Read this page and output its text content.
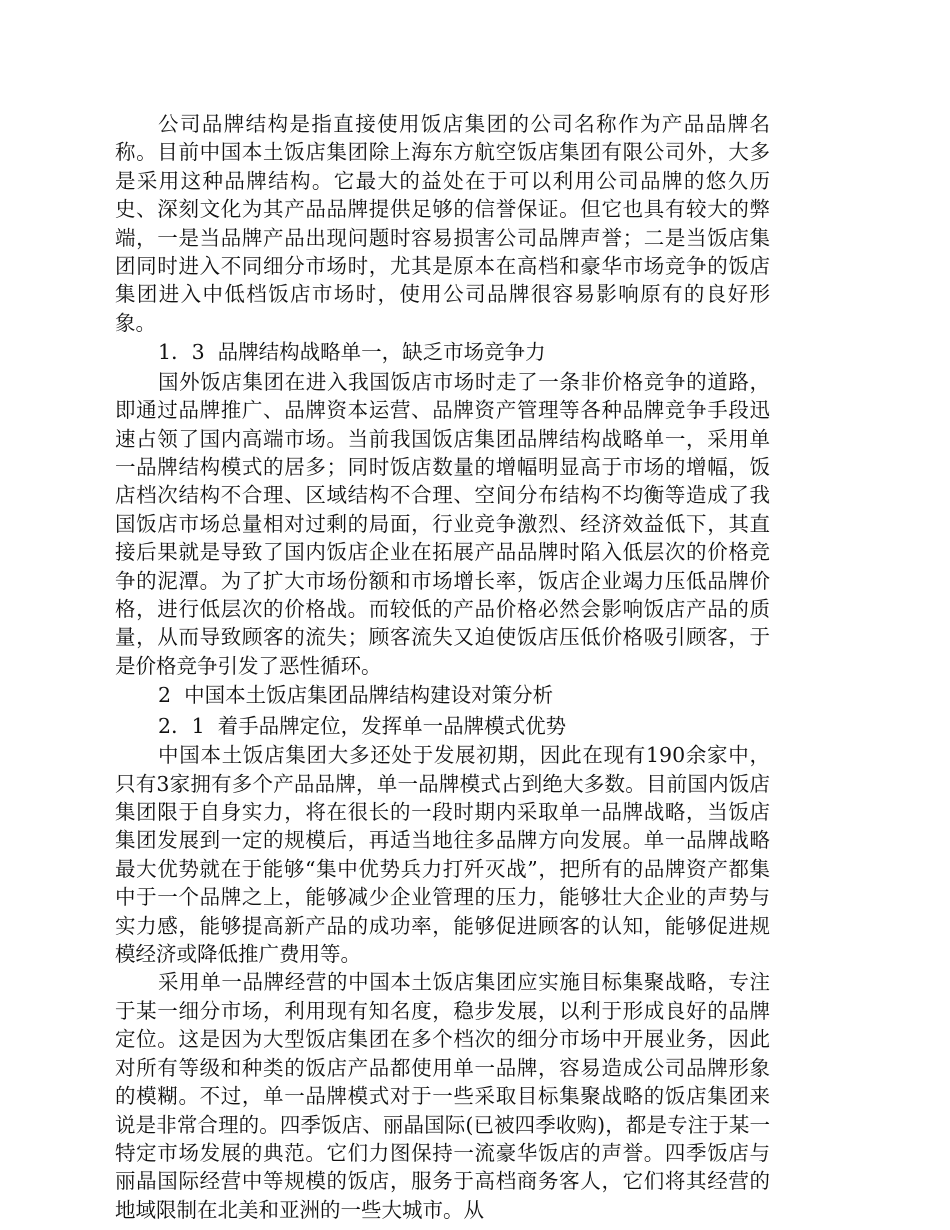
公司品牌结构是指直接使用饭店集团的公司名称作为产品品牌名称。目前中国本土饭店集团除上海东方航空饭店集团有限公司外，大多是采用这种品牌结构。它最大的益处在于可以利用公司品牌的悠久历史、深刻文化为其产品品牌提供足够的信誉保证。但它也具有较大的弊端，一是当品牌产品出现问题时容易损害公司品牌声誉；二是当饭店集团同时进入不同细分市场时，尤其是原本在高档和豪华市场竞争的饭店集团进入中低档饭店市场时，使用公司品牌很容易影响原有的良好形象。

1．3  品牌结构战略单一，缺乏市场竞争力

国外饭店集团在进入我国饭店市场时走了一条非价格竞争的道路，即通过品牌推广、品牌资本运营、品牌资产管理等各种品牌竞争手段迅速占领了国内高端市场。当前我国饭店集团品牌结构战略单一，采用单一品牌结构模式的居多；同时饭店数量的增幅明显高于市场的增幅，饭店档次结构不合理、区域结构不合理、空间分布结构不均衡等造成了我国饭店市场总量相对过剩的局面，行业竞争激烈、经济效益低下，其直接后果就是导致了国内饭店企业在拓展产品品牌时陷入低层次的价格竞争的泥潭。为了扩大市场份额和市场增长率，饭店企业竭力压低品牌价格，进行低层次的价格战。而较低的产品价格必然会影响饭店产品的质量，从而导致顾客的流失；顾客流失又迫使饭店压低价格吸引顾客，于是价格竞争引发了恶性循环。

2  中国本土饭店集团品牌结构建设对策分析

2．1  着手品牌定位，发挥单一品牌模式优势

中国本土饭店集团大多还处于发展初期，因此在现有190余家中，只有3家拥有多个产品品牌，单一品牌模式占到绝大多数。目前国内饭店集团限于自身实力，将在很长的一段时期内采取单一品牌战略，当饭店集团发展到一定的规模后，再适当地往多品牌方向发展。单一品牌战略最大优势就在于能够“集中优势兵力打歼灭战”，把所有的品牌资产都集中于一个品牌之上，能够减少企业管理的压力，能够壮大企业的声势与实力感，能够提高新产品的成功率，能够促进顾客的认知，能够促进规模经济或降低推广费用等。

采用单一品牌经营的中国本土饭店集团应实施目标集聚战略，专注于某一细分市场，利用现有知名度，稳步发展，以利于形成良好的品牌定位。这是因为大型饭店集团在多个档次的细分市场中开展业务，因此对所有等级和种类的饭店产品都使用单一品牌，容易造成公司品牌形象的模糊。不过，单一品牌模式对于一些采取目标集聚战略的饭店集团来说是非常合理的。四季饭店、丽晶国际(已被四季收购)，都是专注于某一特定市场发展的典范。它们力图保持一流豪华饭店的声誉。四季饭店与丽晶国际经营中等规模的饭店，服务于高档商务客人，它们将其经营的地域限制在北美和亚洲的一些大城市。从
